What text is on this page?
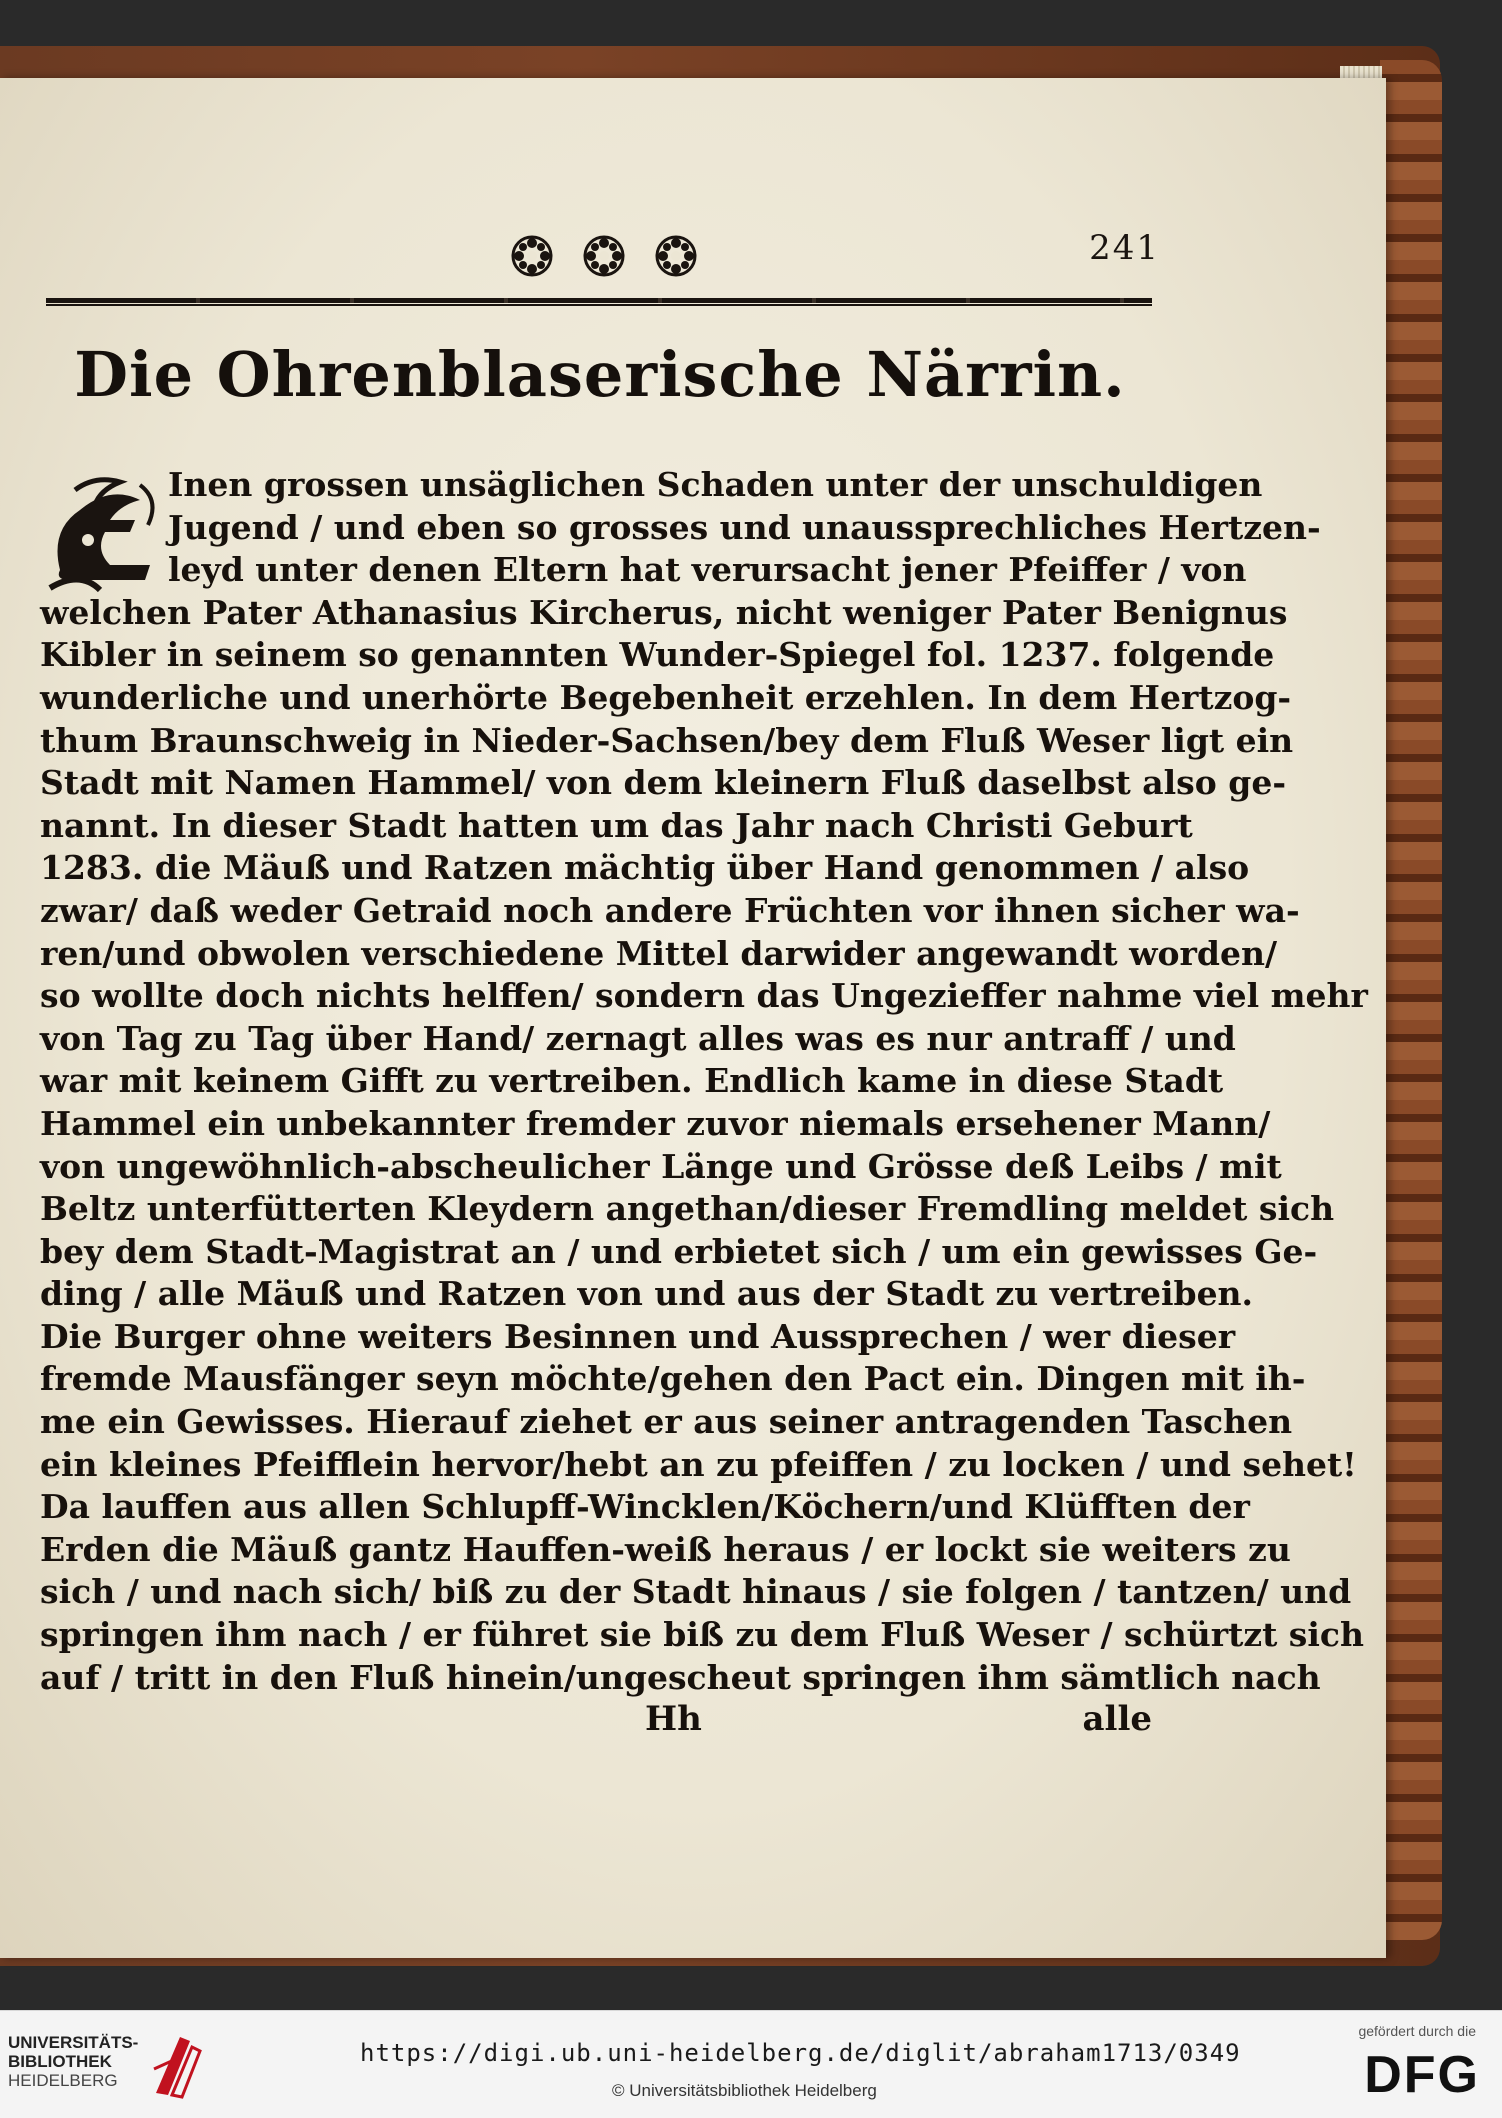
241
Die Ohrenblaserische Närrin.
Inen grossen unsäglichen Schaden unter der unschuldigen
Jugend / und eben so grosses und unaussprechliches Hertzen-
leyd unter denen Eltern hat verursacht jener Pfeiffer / von
welchen Pater Athanasius Kircherus, nicht weniger Pater Benignus
Kibler in seinem so genannten Wunder-Spiegel fol. 1237. folgende
wunderliche und unerhörte Begebenheit erzehlen. In dem Hertzog-
thum Braunschweig in Nieder-Sachsen/bey dem Fluß Weser ligt ein
Stadt mit Namen Hammel/ von dem kleinern Fluß daselbst also ge-
nannt. In dieser Stadt hatten um das Jahr nach Christi Geburt
1283. die Mäuß und Ratzen mächtig über Hand genommen / also
zwar/ daß weder Getraid noch andere Früchten vor ihnen sicher wa-
ren/und obwolen verschiedene Mittel darwider angewandt worden/
so wollte doch nichts helffen/ sondern das Ungezieffer nahme viel mehr
von Tag zu Tag über Hand/ zernagt alles was es nur antraff / und
war mit keinem Gifft zu vertreiben. Endlich kame in diese Stadt
Hammel ein unbekannter fremder zuvor niemals ersehener Mann/
von ungewöhnlich-abscheulicher Länge und Grösse deß Leibs / mit
Beltz unterfütterten Kleydern angethan/dieser Fremdling meldet sich
bey dem Stadt-Magistrat an / und erbietet sich / um ein gewisses Ge-
ding / alle Mäuß und Ratzen von und aus der Stadt zu vertreiben.
Die Burger ohne weiters Besinnen und Aussprechen / wer dieser
fremde Mausfänger seyn möchte/gehen den Pact ein. Dingen mit ih-
me ein Gewisses. Hierauf ziehet er aus seiner antragenden Taschen
ein kleines Pfeifflein hervor/hebt an zu pfeiffen / zu locken / und sehet!
Da lauffen aus allen Schlupff-Wincklen/Köchern/und Klüfften der
Erden die Mäuß gantz Hauffen-weiß heraus / er lockt sie weiters zu
sich / und nach sich/ biß zu der Stadt hinaus / sie folgen / tantzen/ und
springen ihm nach / er führet sie biß zu dem Fluß Weser / schürtzt sich
auf / tritt in den Fluß hinein/ungescheut springen ihm sämtlich nach
Hh	alle
UNIVERSITÄTS-
BIBLIOTHEK
HEIDELBERG
https://digi.ub.uni-heidelberg.de/diglit/abraham1713/0349
© Universitätsbibliothek Heidelberg
gefördert durch die
DFG
